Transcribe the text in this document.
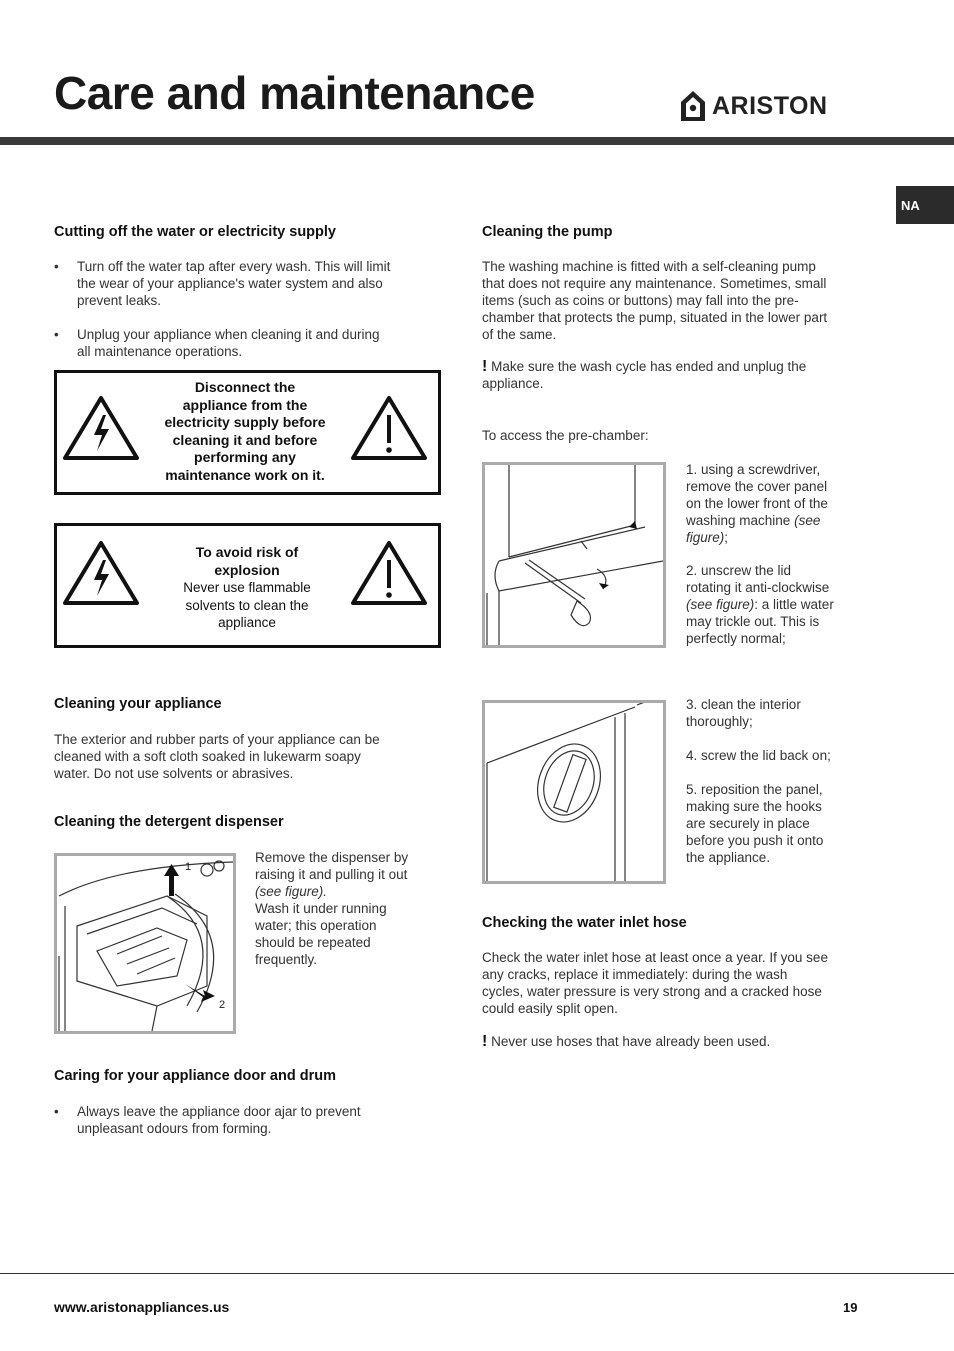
Care and maintenance	ARISTON
NA
Cutting off the water or electricity supply
• Turn off the water tap after every wash. This will limit
the wear of your appliance's water system and also
prevent leaks.
• Unplug your appliance when cleaning it and during
all maintenance operations.
Disconnect the
appliance from the
electricity supply before
cleaning it and before
performing any
maintenance work on it.
To avoid risk of
explosion
Never use flammable
solvents to clean the
appliance
Cleaning your appliance
The exterior and rubber parts of your appliance can be
cleaned with a soft cloth soaked in lukewarm soapy
water. Do not use solvents or abrasives.
Cleaning the detergent dispenser
1
2
Remove the dispenser by
raising it and pulling it out
(see figure).
Wash it under running
water; this operation
should be repeated
frequently.
Caring for your appliance door and drum
• Always leave the appliance door ajar to prevent
unpleasant odours from forming.
Cleaning the pump
The washing machine is fitted with a self-cleaning pump
that does not require any maintenance. Sometimes, small
items (such as coins or buttons) may fall into the pre-
chamber that protects the pump, situated in the lower part
of the same.
! Make sure the wash cycle has ended and unplug the
appliance.
To access the pre-chamber:
1. using a screwdriver,
remove the cover panel
on the lower front of the
washing machine (see
figure);
2. unscrew the lid
rotating it anti-clockwise
(see figure): a little water
may trickle out. This is
perfectly normal;
3. clean the interior
thoroughly;
4. screw the lid back on;
5. reposition the panel,
making sure the hooks
are securely in place
before you push it onto
the appliance.
Checking the water inlet hose
Check the water inlet hose at least once a year. If you see
any cracks, replace it immediately: during the wash
cycles, water pressure is very strong and a cracked hose
could easily split open.
! Never use hoses that have already been used.
www.aristonappliances.us	19
